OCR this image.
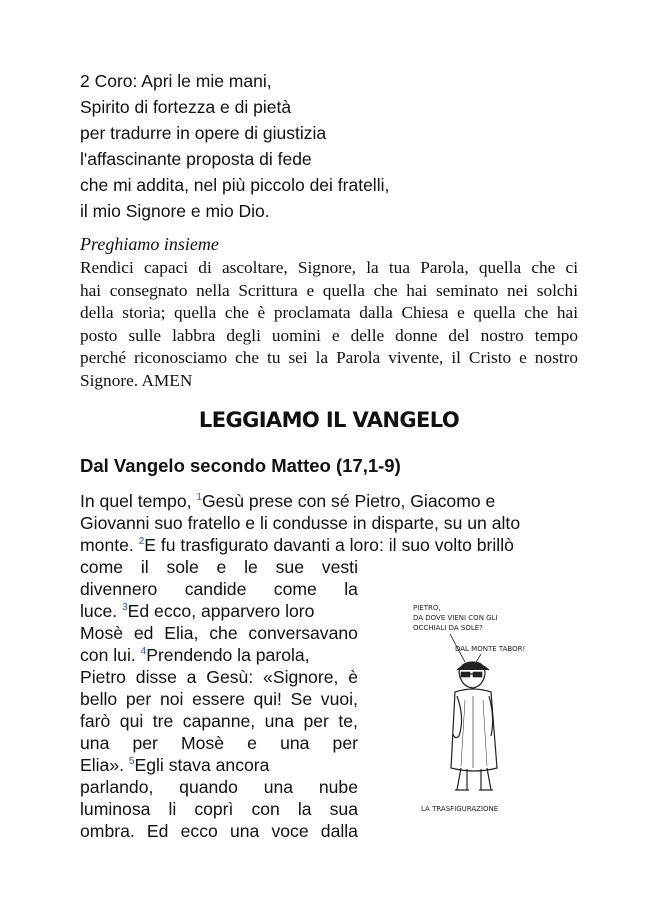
2 Coro: Apri le mie mani,
Spirito di fortezza e di pietà
per tradurre in opere di giustizia
l'affascinante proposta di fede
che mi addita, nel più piccolo dei fratelli,
il mio Signore e mio Dio.
Preghiamo insieme
Rendici capaci di ascoltare, Signore, la tua Parola, quella che ci
hai consegnato nella Scrittura e quella che hai seminato nei solchi
della storia; quella che è proclamata dalla Chiesa e quella che hai
posto sulle labbra degli uomini e delle donne del nostro tempo
perché riconosciamo che tu sei la Parola vivente, il Cristo e nostro
Signore. AMEN
LEGGIAMO IL VANGELO
Dal Vangelo secondo Matteo (17,1-9)
In quel tempo, $^1$Gesù prese con sé Pietro, Giacomo e
Giovanni suo fratello e li condusse in disparte, su un alto
monte. $^2$E fu trasfigurato davanti a loro: il suo volto brillò
come il sole e le sue vesti
divennero candide come la
luce. $^3$Ed ecco, apparvero loro
Mosè ed Elia, che conversavano
con lui. $^4$Prendendo la parola,
Pietro disse a Gesù: «Signore, è
bello per noi essere qui! Se vuoi,
farò qui tre capanne, una per te,
una per Mosè e una per
Elia». $^5$Egli stava ancora
parlando, quando una nube
luminosa li coprì con la sua
ombra. Ed ecco una voce dalla
PIETRO,
DA DOVE VIENI CON GLI
OCCHIALI DA SOLE?
DAL MONTE TABOR!
LA TRASFIGURAZIONE
